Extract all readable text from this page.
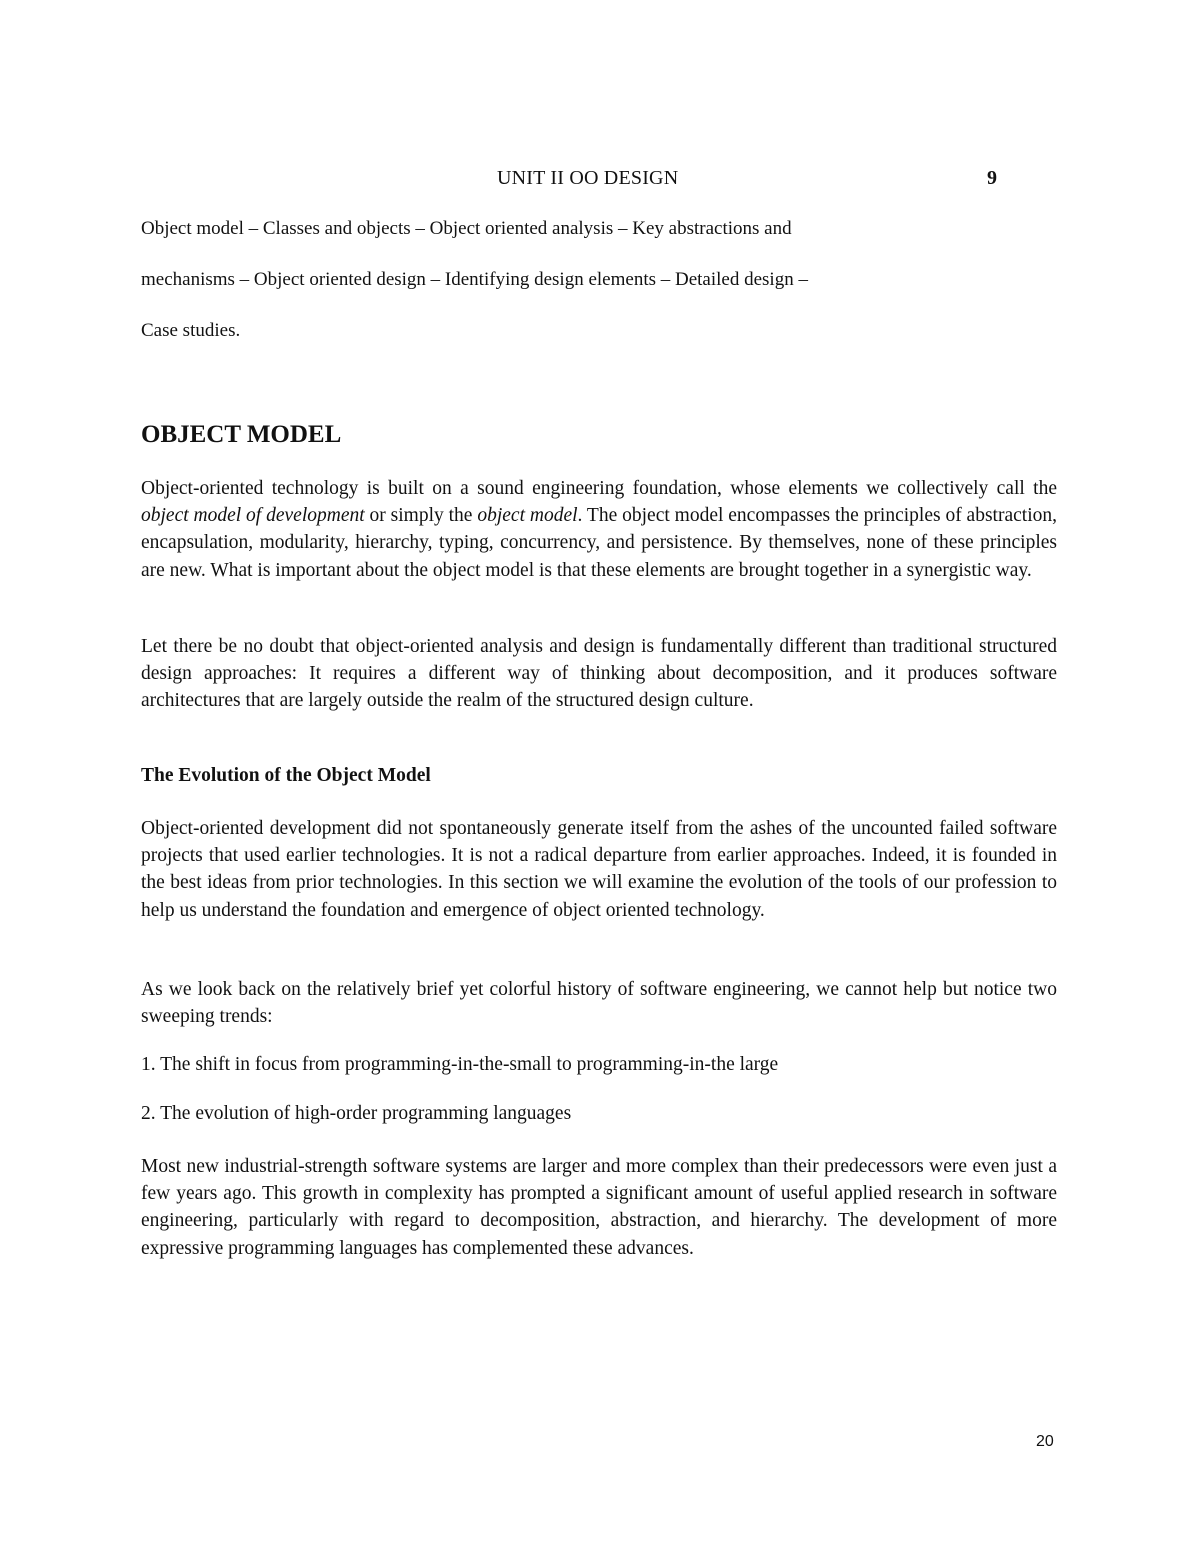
UNIT II OO DESIGN	9
Object model – Classes and objects – Object oriented analysis – Key abstractions and
mechanisms – Object oriented design – Identifying design elements – Detailed design –
Case studies.
OBJECT MODEL

Object-oriented technology is built on a sound engineering foundation, whose elements we collectively call the object model of development or simply the object model. The object model encompasses the principles of abstraction, encapsulation, modularity, hierarchy, typing, concurrency, and persistence. By themselves, none of these principles are new. What is important about the object model is that these elements are brought together in a synergistic way.

Let there be no doubt that object-oriented analysis and design is fundamentally different than traditional structured design approaches: It requires a different way of thinking about decomposition, and it produces software architectures that are largely outside the realm of the structured design culture.

The Evolution of the Object Model

Object-oriented development did not spontaneously generate itself from the ashes of the uncounted failed software projects that used earlier technologies. It is not a radical departure from earlier approaches. Indeed, it is founded in the best ideas from prior technologies. In this section we will examine the evolution of the tools of our profession to help us understand the foundation and emergence of object oriented technology.

As we look back on the relatively brief yet colorful history of software engineering, we cannot help but notice two sweeping trends:

1. The shift in focus from programming-in-the-small to programming-in-the large
2. The evolution of high-order programming languages

Most new industrial-strength software systems are larger and more complex than their predecessors were even just a few years ago. This growth in complexity has prompted a significant amount of useful applied research in software engineering, particularly with regard to decomposition, abstraction, and hierarchy. The development of more expressive programming languages has complemented these advances.

20
